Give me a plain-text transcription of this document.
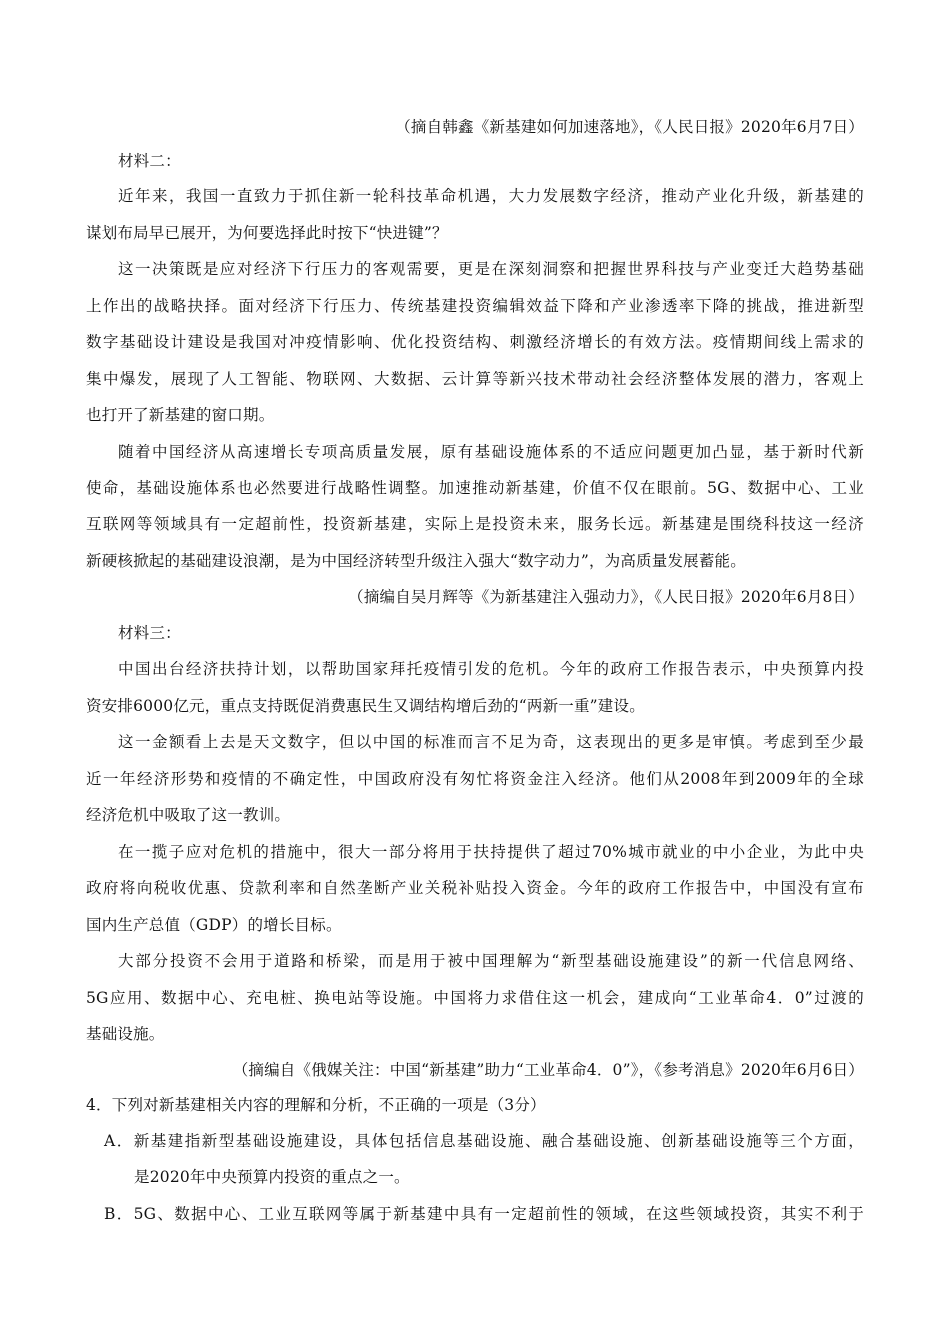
（摘自韩鑫《新基建如何加速落地》，《人民日报》2020年6月7日）
材料二：
近年来，我国一直致力于抓住新一轮科技革命机遇，大力发展数字经济，推动产业化升级，新基建的
谋划布局早已展开，为何要选择此时按下“快进键”？
这一决策既是应对经济下行压力的客观需要，更是在深刻洞察和把握世界科技与产业变迁大趋势基础
上作出的战略抉择。面对经济下行压力、传统基建投资编辑效益下降和产业渗透率下降的挑战，推进新型
数字基础设计建设是我国对冲疫情影响、优化投资结构、刺激经济增长的有效方法。疫情期间线上需求的
集中爆发，展现了人工智能、物联网、大数据、云计算等新兴技术带动社会经济整体发展的潜力，客观上
也打开了新基建的窗口期。
随着中国经济从高速增长专项高质量发展，原有基础设施体系的不适应问题更加凸显，基于新时代新
使命，基础设施体系也必然要进行战略性调整。加速推动新基建，价值不仅在眼前。5G、数据中心、工业
互联网等领域具有一定超前性，投资新基建，实际上是投资未来，服务长远。新基建是围绕科技这一经济
新硬核掀起的基础建设浪潮，是为中国经济转型升级注入强大“数字动力”，为高质量发展蓄能。
（摘编自吴月辉等《为新基建注入强动力》，《人民日报》2020年6月8日）
材料三：
中国出台经济扶持计划，以帮助国家拜托疫情引发的危机。今年的政府工作报告表示，中央预算内投
资安排6000亿元，重点支持既促消费惠民生又调结构增后劲的“两新一重”建设。
这一金额看上去是天文数字，但以中国的标准而言不足为奇，这表现出的更多是审慎。考虑到至少最
近一年经济形势和疫情的不确定性，中国政府没有匆忙将资金注入经济。他们从2008年到2009年的全球
经济危机中吸取了这一教训。
在一揽子应对危机的措施中，很大一部分将用于扶持提供了超过70%城市就业的中小企业，为此中央
政府将向税收优惠、贷款利率和自然垄断产业关税补贴投入资金。今年的政府工作报告中，中国没有宣布
国内生产总值（GDP）的增长目标。
大部分投资不会用于道路和桥梁，而是用于被中国理解为“新型基础设施建设”的新一代信息网络、
5G应用、数据中心、充电桩、换电站等设施。中国将力求借住这一机会，建成向“工业革命4．0”过渡的
基础设施。
（摘编自《俄媒关注：中国“新基建”助力“工业革命4．0”》，《参考消息》2020年6月6日）
4．下列对新基建相关内容的理解和分析，不正确的一项是（3分）
A．新基建指新型基础设施建设，具体包括信息基础设施、融合基础设施、创新基础设施等三个方面，
是2020年中央预算内投资的重点之一。
B．5G、数据中心、工业互联网等属于新基建中具有一定超前性的领域，在这些领域投资，其实不利于
